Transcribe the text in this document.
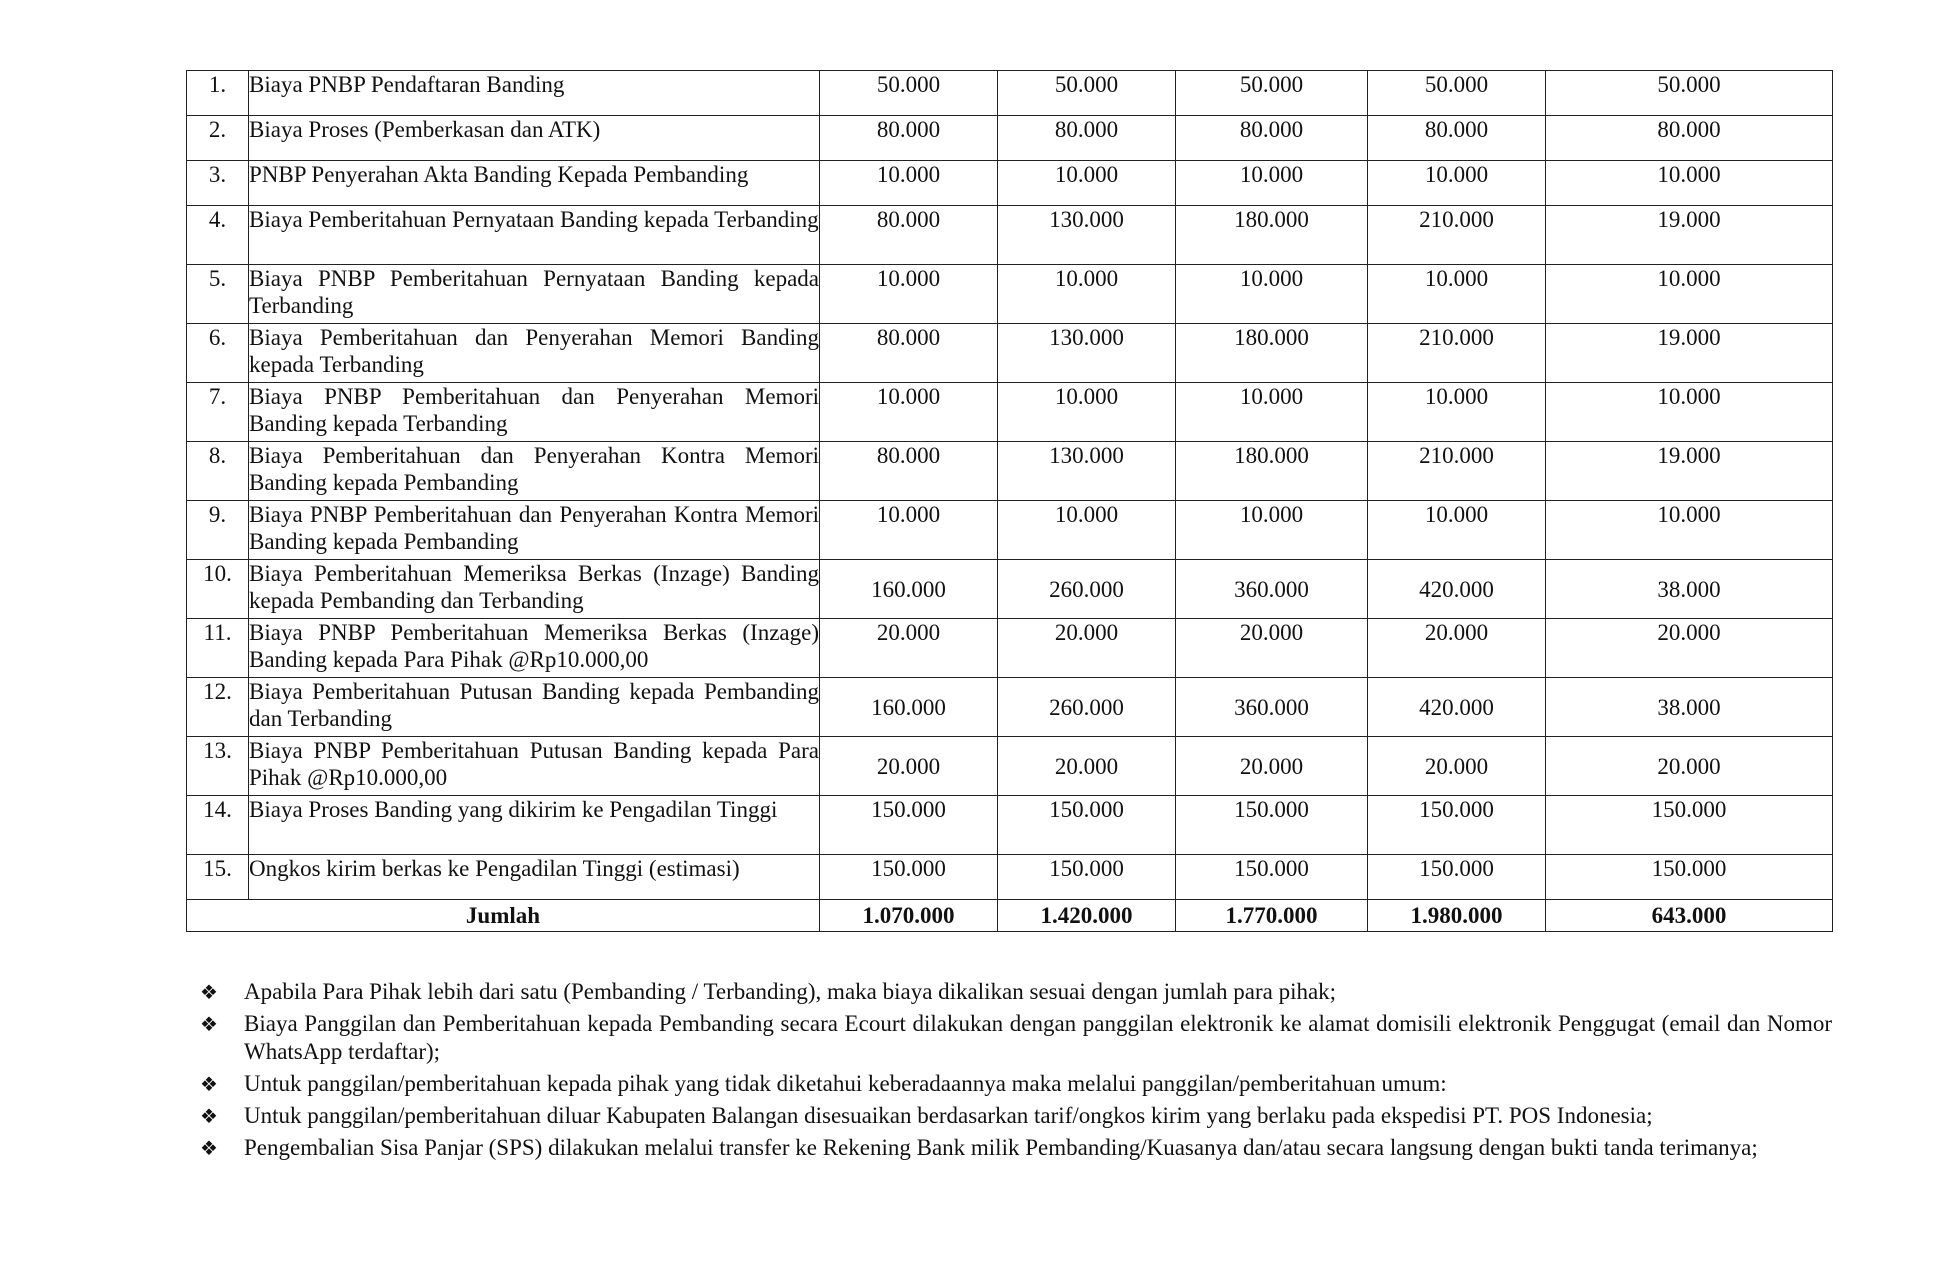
1.	Biaya PNBP Pendaftaran Banding	50.000	50.000	50.000	50.000	50.000
2.	Biaya Proses (Pemberkasan dan ATK)	80.000	80.000	80.000	80.000	80.000
3.	PNBP Penyerahan Akta Banding Kepada Pembanding	10.000	10.000	10.000	10.000	10.000
4.	Biaya Pemberitahuan Pernyataan Banding kepada Terbanding	80.000	130.000	180.000	210.000	19.000
5.	Biaya PNBP Pemberitahuan Pernyataan Banding kepada Terbanding	10.000	10.000	10.000	10.000	10.000
6.	Biaya Pemberitahuan dan Penyerahan Memori Banding kepada Terbanding	80.000	130.000	180.000	210.000	19.000
7.	Biaya PNBP Pemberitahuan dan Penyerahan Memori Banding kepada Terbanding	10.000	10.000	10.000	10.000	10.000
8.	Biaya Pemberitahuan dan Penyerahan Kontra Memori Banding kepada Pembanding	80.000	130.000	180.000	210.000	19.000
9.	Biaya PNBP Pemberitahuan dan Penyerahan Kontra Memori Banding kepada Pembanding	10.000	10.000	10.000	10.000	10.000
10.	Biaya Pemberitahuan Memeriksa Berkas (Inzage) Banding kepada Pembanding dan Terbanding	160.000	260.000	360.000	420.000	38.000
11.	Biaya PNBP Pemberitahuan Memeriksa Berkas (Inzage) Banding kepada Para Pihak @Rp10.000,00	20.000	20.000	20.000	20.000	20.000
12.	Biaya Pemberitahuan Putusan Banding kepada Pembanding dan Terbanding	160.000	260.000	360.000	420.000	38.000
13.	Biaya PNBP Pemberitahuan Putusan Banding kepada Para Pihak @Rp10.000,00	20.000	20.000	20.000	20.000	20.000
14.	Biaya Proses Banding yang dikirim ke Pengadilan Tinggi	150.000	150.000	150.000	150.000	150.000
15.	Ongkos kirim berkas ke Pengadilan Tinggi (estimasi)	150.000	150.000	150.000	150.000	150.000
Jumlah		1.070.000	1.420.000	1.770.000	1.980.000	643.000
❖ Apabila Para Pihak lebih dari satu (Pembanding / Terbanding), maka biaya dikalikan sesuai dengan jumlah para pihak;
❖ Biaya Panggilan dan Pemberitahuan kepada Pembanding secara Ecourt dilakukan dengan panggilan elektronik ke alamat domisili elektronik Penggugat (email dan Nomor WhatsApp terdaftar);
❖ Untuk panggilan/pemberitahuan kepada pihak yang tidak diketahui keberadaannya maka melalui panggilan/pemberitahuan umum:
❖ Untuk panggilan/pemberitahuan diluar Kabupaten Balangan disesuaikan berdasarkan tarif/ongkos kirim yang berlaku pada ekspedisi PT. POS Indonesia;
❖ Pengembalian Sisa Panjar (SPS) dilakukan melalui transfer ke Rekening Bank milik Pembanding/Kuasanya dan/atau secara langsung dengan bukti tanda terimanya;
